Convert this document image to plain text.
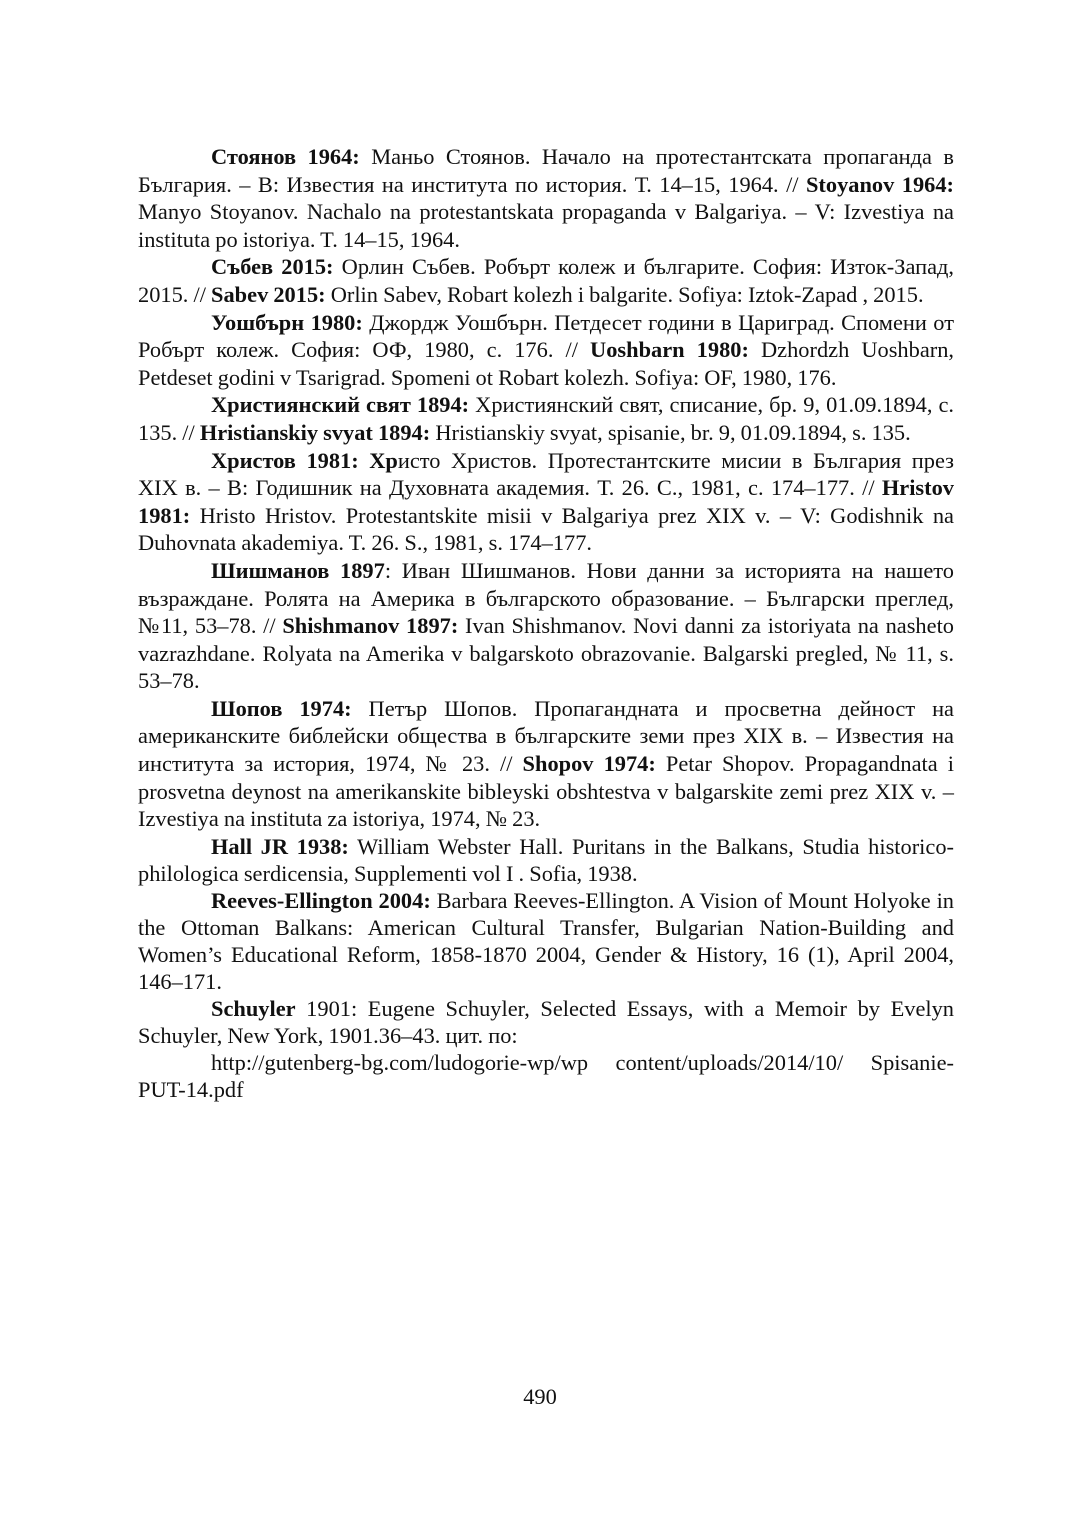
Стоянов 1964: Маньо Стоянов. Начало на протестантската пропаганда в България. – В: Известия на института по история. Т. 14–15, 1964. // Stoyanov 1964: Manyo Stoyanov. Nachalo na protestantskata propaganda v Balgariya. – V: Izvestiya na instituta po istoriya. T. 14–15, 1964.

Събев 2015: Орлин Събев. Робърт колеж и българите. София: Изток-Запад, 2015. // Sabev 2015: Orlin Sabev, Robart kolezh i balgarite. Sofiya: Iztok-Zapad , 2015.

Уошбърн 1980: Джордж Уошбърн. Петдесет години в Цариград. Спомени от Робърт колеж. София: ОФ, 1980, с. 176. // Uoshbarn 1980: Dzhordzh Uoshbarn, Petdeset godini v Tsarigrad. Spomeni ot Robart kolezh. Sofiya: OF, 1980, 176.

Християнский свят 1894: Християнский свят, списание, бр. 9, 01.09.1894, с. 135. // Hristianskiy svyat 1894: Hristianskiy svyat, spisanie, br. 9, 01.09.1894, s. 135.

Христов 1981: Христо Христов. Протестантските мисии в България през XIX в. – В: Годишник на Духовната академия. Т. 26. С., 1981, с. 174–177. // Hristov 1981: Hristo Hristov. Protestantskite misii v Balgariya prez XIX v. – V: Godishnik na Duhovnata akademiya. T. 26. S., 1981, s. 174–177.

Шишманов 1897: Иван Шишманов. Нови данни за историята на нашето възраждане. Ролята на Америка в българското образование. – Български преглед, №11, 53–78. // Shishmanov 1897: Ivan Shishmanov. Novi danni za istoriyata na nasheto vazrazhdane. Rolyata na Amerika v balgarskoto obrazovanie. Balgarski pregled, № 11, s. 53–78.

Шопов 1974: Петър Шопов. Пропагандната и просветна дейност на американските библейски общества в българските земи през XIX в. – Известия на института за история, 1974, № 23. // Shopov 1974: Petar Shopov. Propagandnata i prosvetna deynost na amerikanskite bibleyski obshtestva v balgarskite zemi prez XIX v. – Izvestiya na instituta za istoriya, 1974, № 23.

Hall JR 1938: William Webster Hall. Puritans in the Balkans, Studia historico-philologica serdicensia, Supplementi vol I . Sofia, 1938.

Reeves-Ellington 2004: Barbara Reeves-Ellington. A Vision of Mount Holyoke in the Ottoman Balkans: American Cultural Transfer, Bulgarian Nation-Building and Women’s Educational Reform, 1858-1870 2004, Gender & History, 16 (1), April 2004, 146–171.

Schuyler 1901: Eugene Schuyler, Selected Essays, with a Memoir by Evelyn Schuyler, New York, 1901.36–43. цит. по:

http://gutenberg-bg.com/ludogorie-wp/wp content/uploads/2014/10/ Spisanie-PUT-14.pdf

490
